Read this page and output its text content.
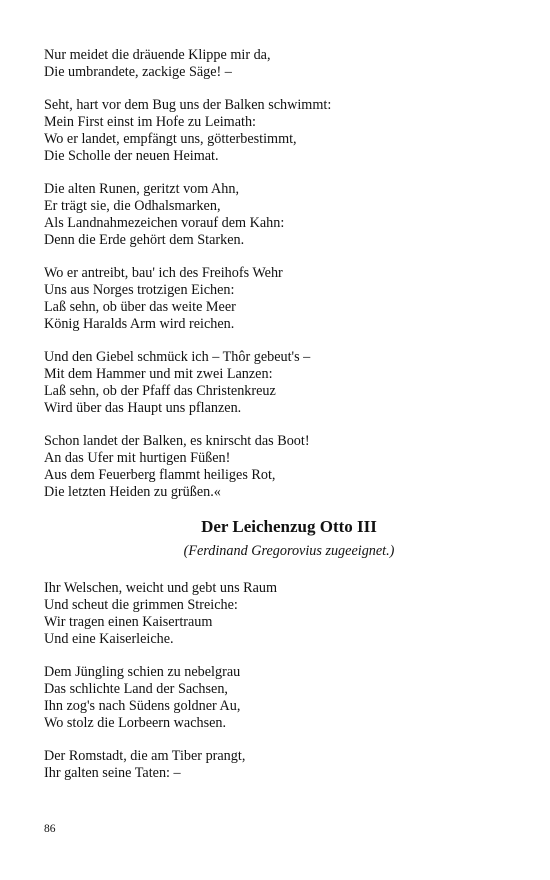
Nur meidet die dräuende Klippe mir da,
Die umbrandete, zackige Säge! –
Seht, hart vor dem Bug uns der Balken schwimmt:
Mein First einst im Hofe zu Leimath:
Wo er landet, empfängt uns, götterbestimmt,
Die Scholle der neuen Heimat.
Die alten Runen, geritzt vom Ahn,
Er trägt sie, die Odhalsmarken,
Als Landnahmezeichen vorauf dem Kahn:
Denn die Erde gehört dem Starken.
Wo er antreibt, bau' ich des Freihofs Wehr
Uns aus Norges trotzigen Eichen:
Laß sehn, ob über das weite Meer
König Haralds Arm wird reichen.
Und den Giebel schmück ich – Thôr gebeut's –
Mit dem Hammer und mit zwei Lanzen:
Laß sehn, ob der Pfaff das Christenkreuz
Wird über das Haupt uns pflanzen.
Schon landet der Balken, es knirscht das Boot!
An das Ufer mit hurtigen Füßen!
Aus dem Feuerberg flammt heiliges Rot,
Die letzten Heiden zu grüßen.«
Der Leichenzug Otto III
(Ferdinand Gregorovius zugeeignet.)
Ihr Welschen, weicht und gebt uns Raum
Und scheut die grimmen Streiche:
Wir tragen einen Kaisertraum
Und eine Kaiserleiche.
Dem Jüngling schien zu nebelgrau
Das schlichte Land der Sachsen,
Ihn zog's nach Südens goldner Au,
Wo stolz die Lorbeern wachsen.
Der Romstadt, die am Tiber prangt,
Ihr galten seine Taten: –
86
